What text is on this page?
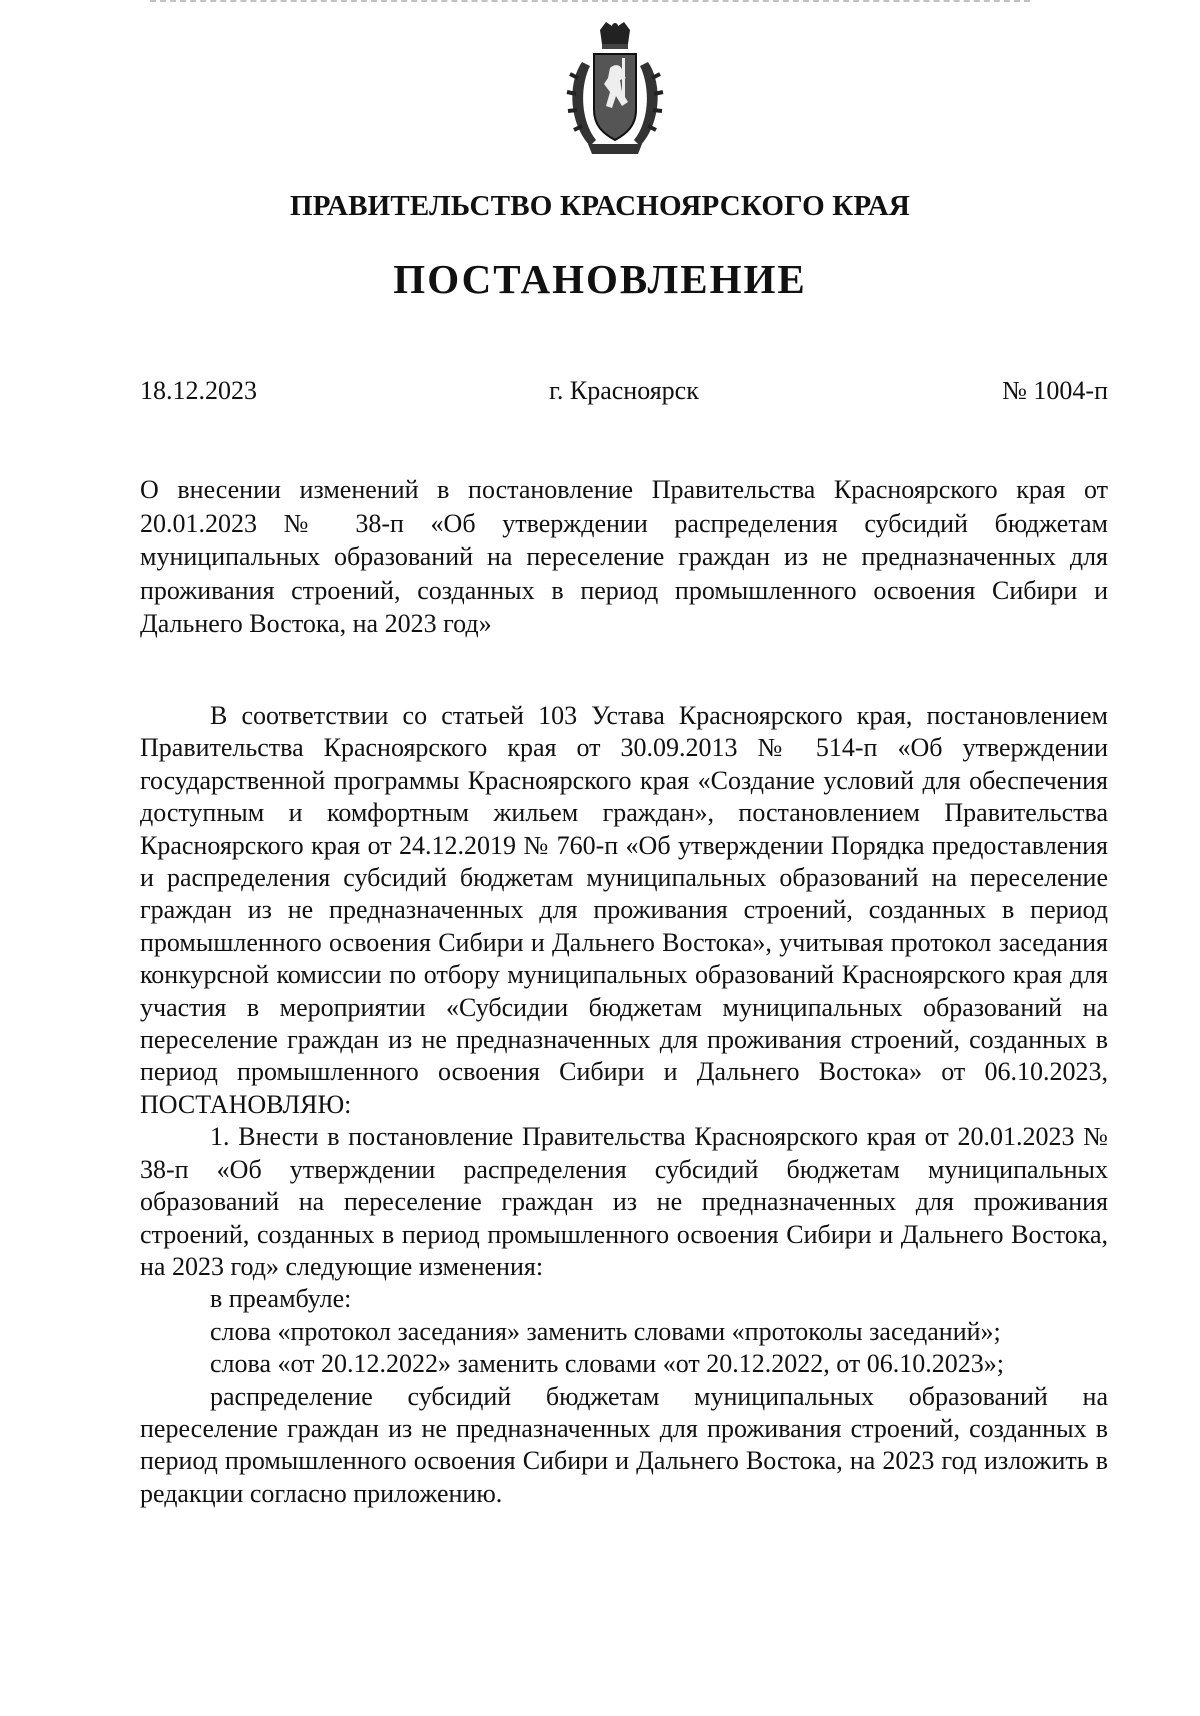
ПРАВИТЕЛЬСТВО КРАСНОЯРСКОГО КРАЯ
ПОСТАНОВЛЕНИЕ
18.12.2023	г. Красноярск	№ 1004-п
О внесении изменений в постановление Правительства Красноярского края от 20.01.2023 № 38-п «Об утверждении распределения субсидий бюджетам муниципальных образований на переселение граждан из не предназначенных для проживания строений, созданных в период промышленного освоения Сибири и Дальнего Востока, на 2023 год»

В соответствии со статьей 103 Устава Красноярского края, постановлением Правительства Красноярского края от 30.09.2013 № 514-п «Об утверждении государственной программы Красноярского края «Создание условий для обеспечения доступным и комфортным жильем граждан», постановлением Правительства Красноярского края от 24.12.2019 № 760-п «Об утверждении Порядка предоставления и распределения субсидий бюджетам муниципальных образований на переселение граждан из не предназначенных для проживания строений, созданных в период промышленного освоения Сибири и Дальнего Востока», учитывая протокол заседания конкурсной комиссии по отбору муниципальных образований Красноярского края для участия в мероприятии «Субсидии бюджетам муниципальных образований на переселение граждан из не предназначенных для проживания строений, созданных в период промышленного освоения Сибири и Дальнего Востока» от 06.10.2023, ПОСТАНОВЛЯЮ:

1. Внести в постановление Правительства Красноярского края от 20.01.2023 № 38-п «Об утверждении распределения субсидий бюджетам муниципальных образований на переселение граждан из не предназначенных для проживания строений, созданных в период промышленного освоения Сибири и Дальнего Востока, на 2023 год» следующие изменения:

в преамбуле:

слова «протокол заседания» заменить словами «протоколы заседаний»;

слова «от 20.12.2022» заменить словами «от 20.12.2022, от 06.10.2023»;

распределение субсидий бюджетам муниципальных образований на переселение граждан из не предназначенных для проживания строений, созданных в период промышленного освоения Сибири и Дальнего Востока, на 2023 год изложить в редакции согласно приложению.
